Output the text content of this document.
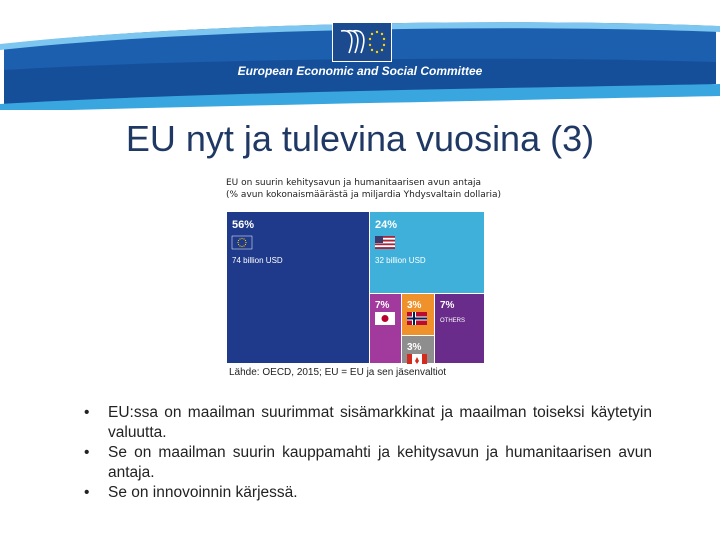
European Economic and Social Committee
EU nyt ja tulevina vuosina (3)
EU on suurin kehitysavun ja humanitaarisen avun antaja
(% avun kokonaismäärästä ja miljardia Yhdysvaltain dollaria)
56%
74 billion USD
24%
32 billion USD
7% 3% 7%
OTHERS
3%
Lähde: OECD, 2015; EU = EU ja sen jäsenvaltiot
• EU:ssa on maailman suurimmat sisämarkkinat ja maailman toiseksi käytetyin valuutta.
• Se on maailman suurin kauppamahti ja kehitysavun ja humanitaarisen avun antaja.
• Se on innovoinnin kärjessä.
